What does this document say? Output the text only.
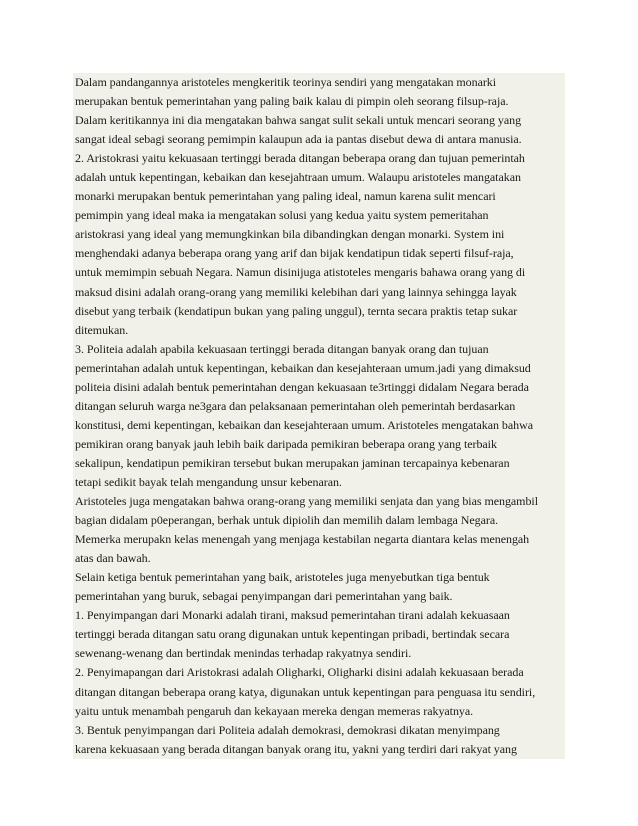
Dalam pandangannya aristoteles mengkeritik teorinya sendiri yang mengatakan monarki
merupakan bentuk pemerintahan yang paling baik kalau di pimpin oleh seorang filsup-raja.
Dalam keritikannya ini dia mengatakan bahwa sangat sulit sekali untuk mencari seorang yang
sangat ideal sebagi seorang pemimpin kalaupun ada ia pantas disebut dewa di antara manusia.
2. Aristokrasi yaitu kekuasaan tertinggi berada ditangan beberapa orang dan tujuan pemerintah
adalah untuk kepentingan, kebaikan dan kesejahtraan umum. Walaupu aristoteles mangatakan
monarki merupakan bentuk pemerintahan yang paling ideal, namun karena sulit mencari
pemimpin yang ideal maka ia mengatakan solusi yang kedua yaitu system pemeritahan
aristokrasi yang ideal yang memungkinkan bila dibandingkan dengan monarki. System ini
menghendaki adanya beberapa orang yang arif dan bijak kendatipun tidak seperti filsuf-raja,
untuk memimpin sebuah Negara. Namun disinijuga atistoteles mengaris bahawa orang yang di
maksud disini adalah orang-orang yang memiliki kelebihan dari yang lainnya sehingga layak
disebut yang terbaik (kendatipun bukan yang paling unggul), ternta secara praktis tetap sukar
ditemukan.
3. Politeia adalah apabila kekuasaan tertinggi berada ditangan banyak orang dan tujuan
pemerintahan adalah untuk kepentingan, kebaikan dan kesejahteraan umum.jadi yang dimaksud
politeia disini adalah bentuk pemerintahan dengan kekuasaan te3rtinggi didalam Negara berada
ditangan seluruh warga ne3gara dan pelaksanaan pemerintahan oleh pemerintah berdasarkan
konstitusi, demi kepentingan, kebaikan dan kesejahteraan umum. Aristoteles mengatakan bahwa
pemikiran orang banyak jauh lebih baik daripada pemikiran beberapa orang yang terbaik
sekalipun, kendatipun pemikiran tersebut bukan merupakan jaminan tercapainya kebenaran
tetapi sedikit bayak telah mengandung unsur kebenaran.
Aristoteles juga mengatakan bahwa orang-orang yang memiliki senjata dan yang bias mengambil
bagian didalam p0eperangan, berhak untuk dipiolih dan memilih dalam lembaga Negara.
Memerka merupakn kelas menengah yang menjaga kestabilan negarta diantara kelas menengah
atas dan bawah.
Selain ketiga bentuk pemerintahan yang baik, aristoteles juga menyebutkan tiga bentuk
pemerintahan yang buruk, sebagai penyimpangan dari pemerintahan yang baik.
1. Penyimpangan dari Monarki adalah tirani, maksud pemerintahan tirani adalah kekuasaan
tertinggi berada ditangan satu orang digunakan untuk kepentingan pribadi, bertindak secara
sewenang-wenang dan bertindak menindas terhadap rakyatnya sendiri.
2. Penyimapangan dari Aristokrasi adalah Oligharki, Oligharki disini adalah kekuasaan berada
ditangan ditangan beberapa orang katya, digunakan untuk kepentingan para penguasa itu sendiri,
yaitu untuk menambah pengaruh dan kekayaan mereka dengan memeras rakyatnya.
3. Bentuk penyimpangan dari Politeia adalah demokrasi, demokrasi dikatan menyimpang
karena kekuasaan yang berada ditangan banyak orang itu, yakni yang terdiri dari rakyat yang
